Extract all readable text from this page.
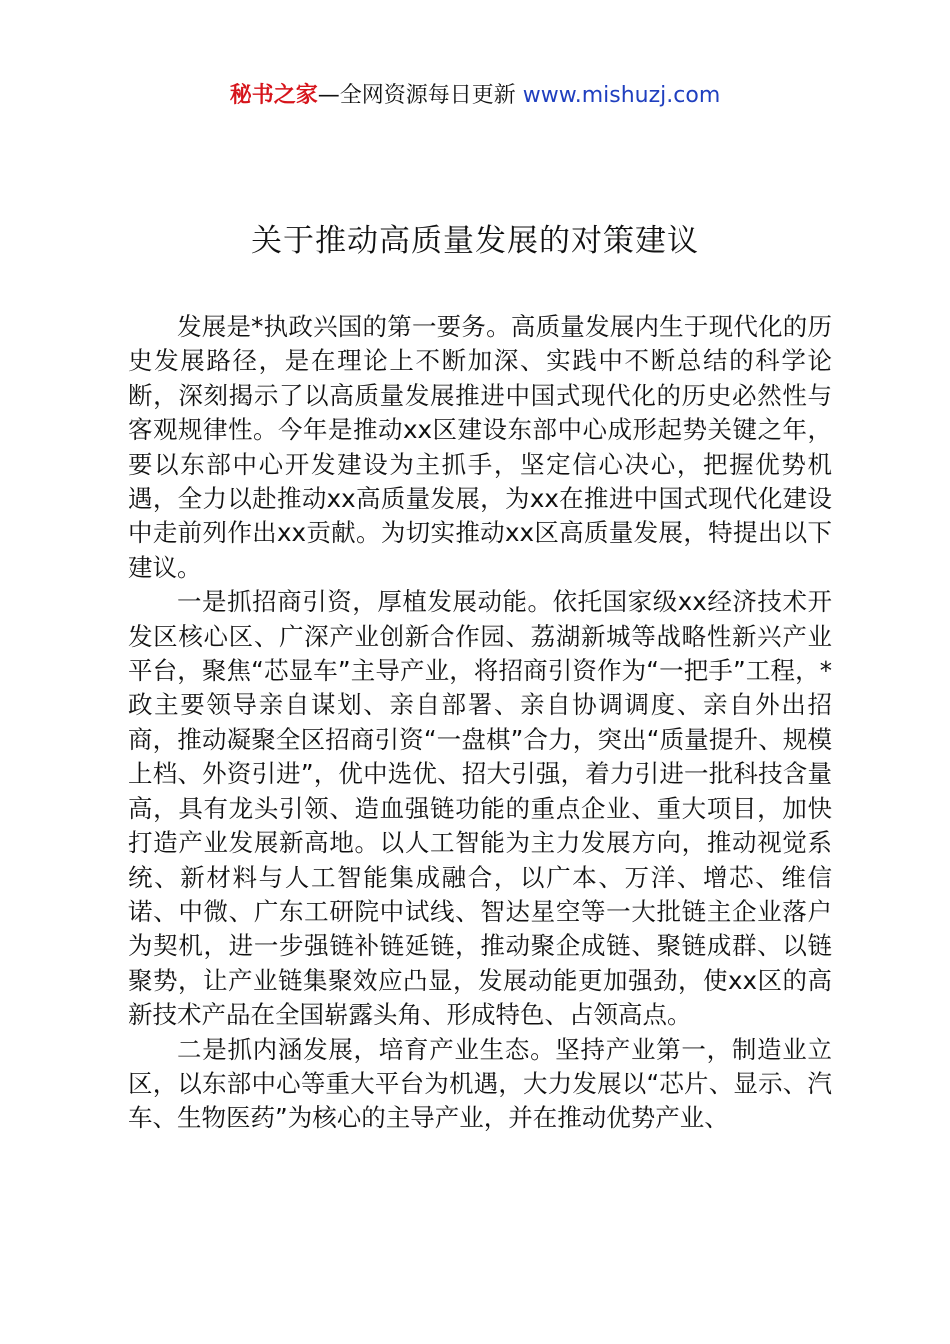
秘书之家—全网资源每日更新 www.mishuzj.com
关于推动高质量发展的对策建议

发展是*执政兴国的第一要务。高质量发展内生于现代化的历史发展路径，是在理论上不断加深、实践中不断总结的科学论断，深刻揭示了以高质量发展推进中国式现代化的历史必然性与客观规律性。今年是推动xx区建设东部中心成形起势关键之年，要以东部中心开发建设为主抓手，坚定信心决心，把握优势机遇，全力以赴推动xx高质量发展，为xx在推进中国式现代化建设中走前列作出xx贡献。为切实推动xx区高质量发展，特提出以下建议。

一是抓招商引资，厚植发展动能。依托国家级xx经济技术开发区核心区、广深产业创新合作园、荔湖新城等战略性新兴产业平台，聚焦“芯显车”主导产业，将招商引资作为“一把手”工程，*政主要领导亲自谋划、亲自部署、亲自协调调度、亲自外出招商，推动凝聚全区招商引资“一盘棋”合力，突出“质量提升、规模上档、外资引进”，优中选优、招大引强，着力引进一批科技含量高，具有龙头引领、造血强链功能的重点企业、重大项目，加快打造产业发展新高地。以人工智能为主力发展方向，推动视觉系统、新材料与人工智能集成融合，以广本、万洋、增芯、维信诺、中微、广东工研院中试线、智达星空等一大批链主企业落户为契机，进一步强链补链延链，推动聚企成链、聚链成群、以链聚势，让产业链集聚效应凸显，发展动能更加强劲，使xx区的高新技术产品在全国崭露头角、形成特色、占领高点。

二是抓内涵发展，培育产业生态。坚持产业第一，制造业立区，以东部中心等重大平台为机遇，大力发展以“芯片、显示、汽车、生物医药”为核心的主导产业，并在推动优势产业、
